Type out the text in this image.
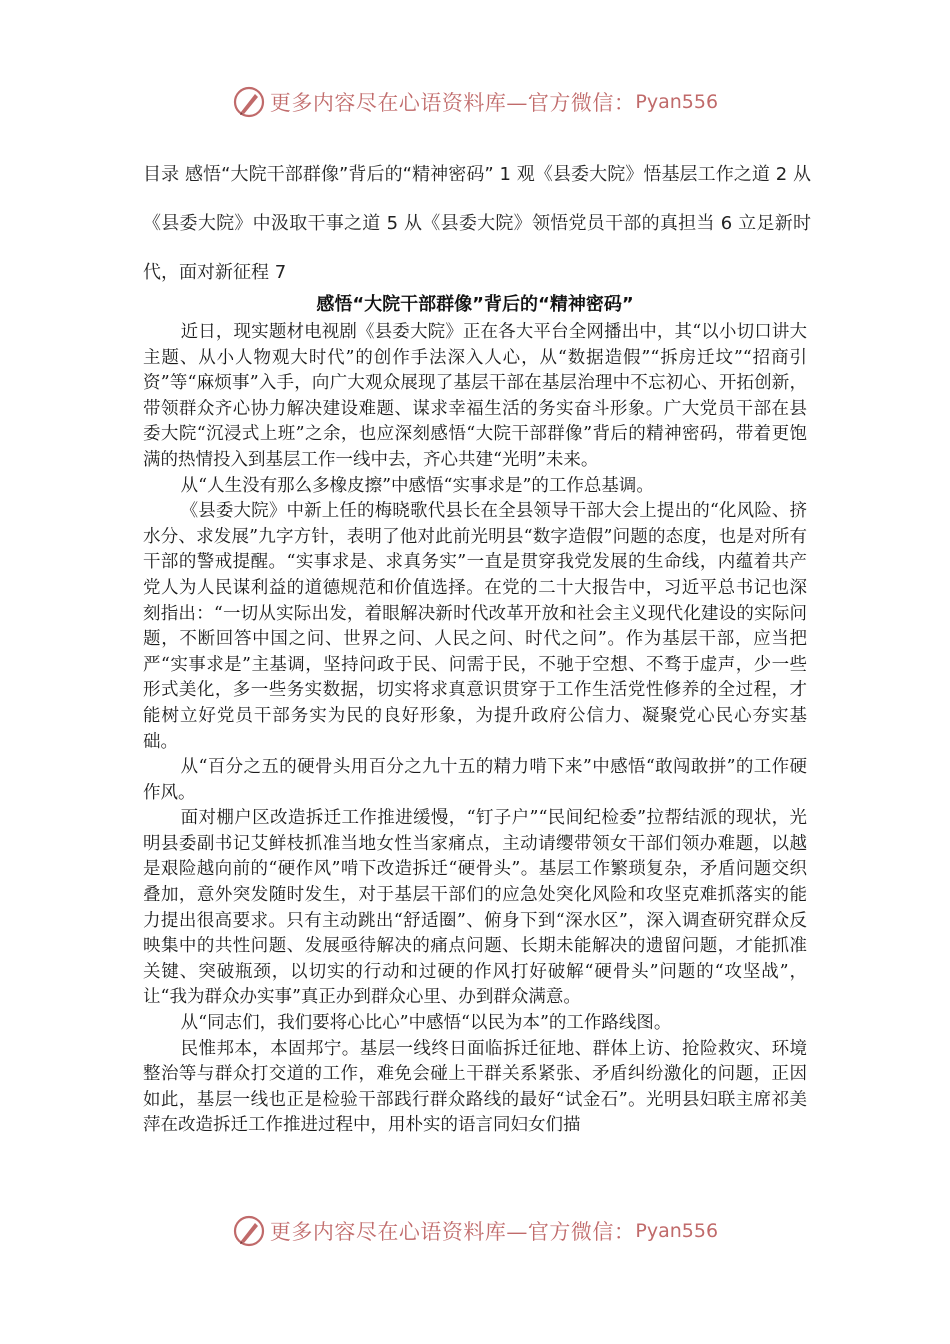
更多内容尽在心语资料库—官方微信： Pyan556
目录 感悟“大院干部群像”背后的“精神密码” 1 观《县委大院》悟基层工作之道 2 从《县委大院》中汲取干事之道 5 从《县委大院》领悟党员干部的真担当 6 立足新时代，面对新征程 7
感悟“大院干部群像”背后的“精神密码”

近日，现实题材电视剧《县委大院》正在各大平台全网播出中，其“以小切口讲大主题、从小人物观大时代”的创作手法深入人心，从“数据造假”“拆房迁坟”“招商引资”等“麻烦事”入手，向广大观众展现了基层干部在基层治理中不忘初心、开拓创新，带领群众齐心协力解决建设难题、谋求幸福生活的务实奋斗形象。广大党员干部在县委大院“沉浸式上班”之余，也应深刻感悟“大院干部群像”背后的精神密码，带着更饱满的热情投入到基层工作一线中去，齐心共建“光明”未来。

从“人生没有那么多橡皮擦”中感悟“实事求是”的工作总基调。

《县委大院》中新上任的梅晓歌代县长在全县领导干部大会上提出的“化风险、挤水分、求发展”九字方针，表明了他对此前光明县“数字造假”问题的态度，也是对所有干部的警戒提醒。“实事求是、求真务实”一直是贯穿我党发展的生命线，内蕴着共产党人为人民谋利益的道德规范和价值选择。在党的二十大报告中，习近平总书记也深刻指出：“一切从实际出发，着眼解决新时代改革开放和社会主义现代化建设的实际问题，不断回答中国之问、世界之问、人民之问、时代之问”。作为基层干部，应当把严“实事求是”主基调，坚持问政于民、问需于民，不驰于空想、不骛于虚声，少一些形式美化，多一些务实数据，切实将求真意识贯穿于工作生活党性修养的全过程，才能树立好党员干部务实为民的良好形象，为提升政府公信力、凝聚党心民心夯实基础。

从“百分之五的硬骨头用百分之九十五的精力啃下来”中感悟“敢闯敢拼”的工作硬作风。

面对棚户区改造拆迁工作推进缓慢，“钉子户”“民间纪检委”拉帮结派的现状，光明县委副书记艾鲜枝抓准当地女性当家痛点，主动请缨带领女干部们领办难题，以越是艰险越向前的“硬作风”啃下改造拆迁“硬骨头”。基层工作繁琐复杂，矛盾问题交织叠加，意外突发随时发生，对于基层干部们的应急处突化风险和攻坚克难抓落实的能力提出很高要求。只有主动跳出“舒适圈”、俯身下到“深水区”，深入调查研究群众反映集中的共性问题、发展亟待解决的痛点问题、长期未能解决的遗留问题，才能抓准关键、突破瓶颈，以切实的行动和过硬的作风打好破解“硬骨头”问题的“攻坚战”，让“我为群众办实事”真正办到群众心里、办到群众满意。

从“同志们，我们要将心比心”中感悟“以民为本”的工作路线图。

民惟邦本，本固邦宁。基层一线终日面临拆迁征地、群体上访、抢险救灾、环境整治等与群众打交道的工作，难免会碰上干群关系紧张、矛盾纠纷激化的问题，正因如此，基层一线也正是检验干部践行群众路线的最好“试金石”。光明县妇联主席祁美萍在改造拆迁工作推进过程中，用朴实的语言同妇女们描

更多内容尽在心语资料库—官方微信： Pyan556
